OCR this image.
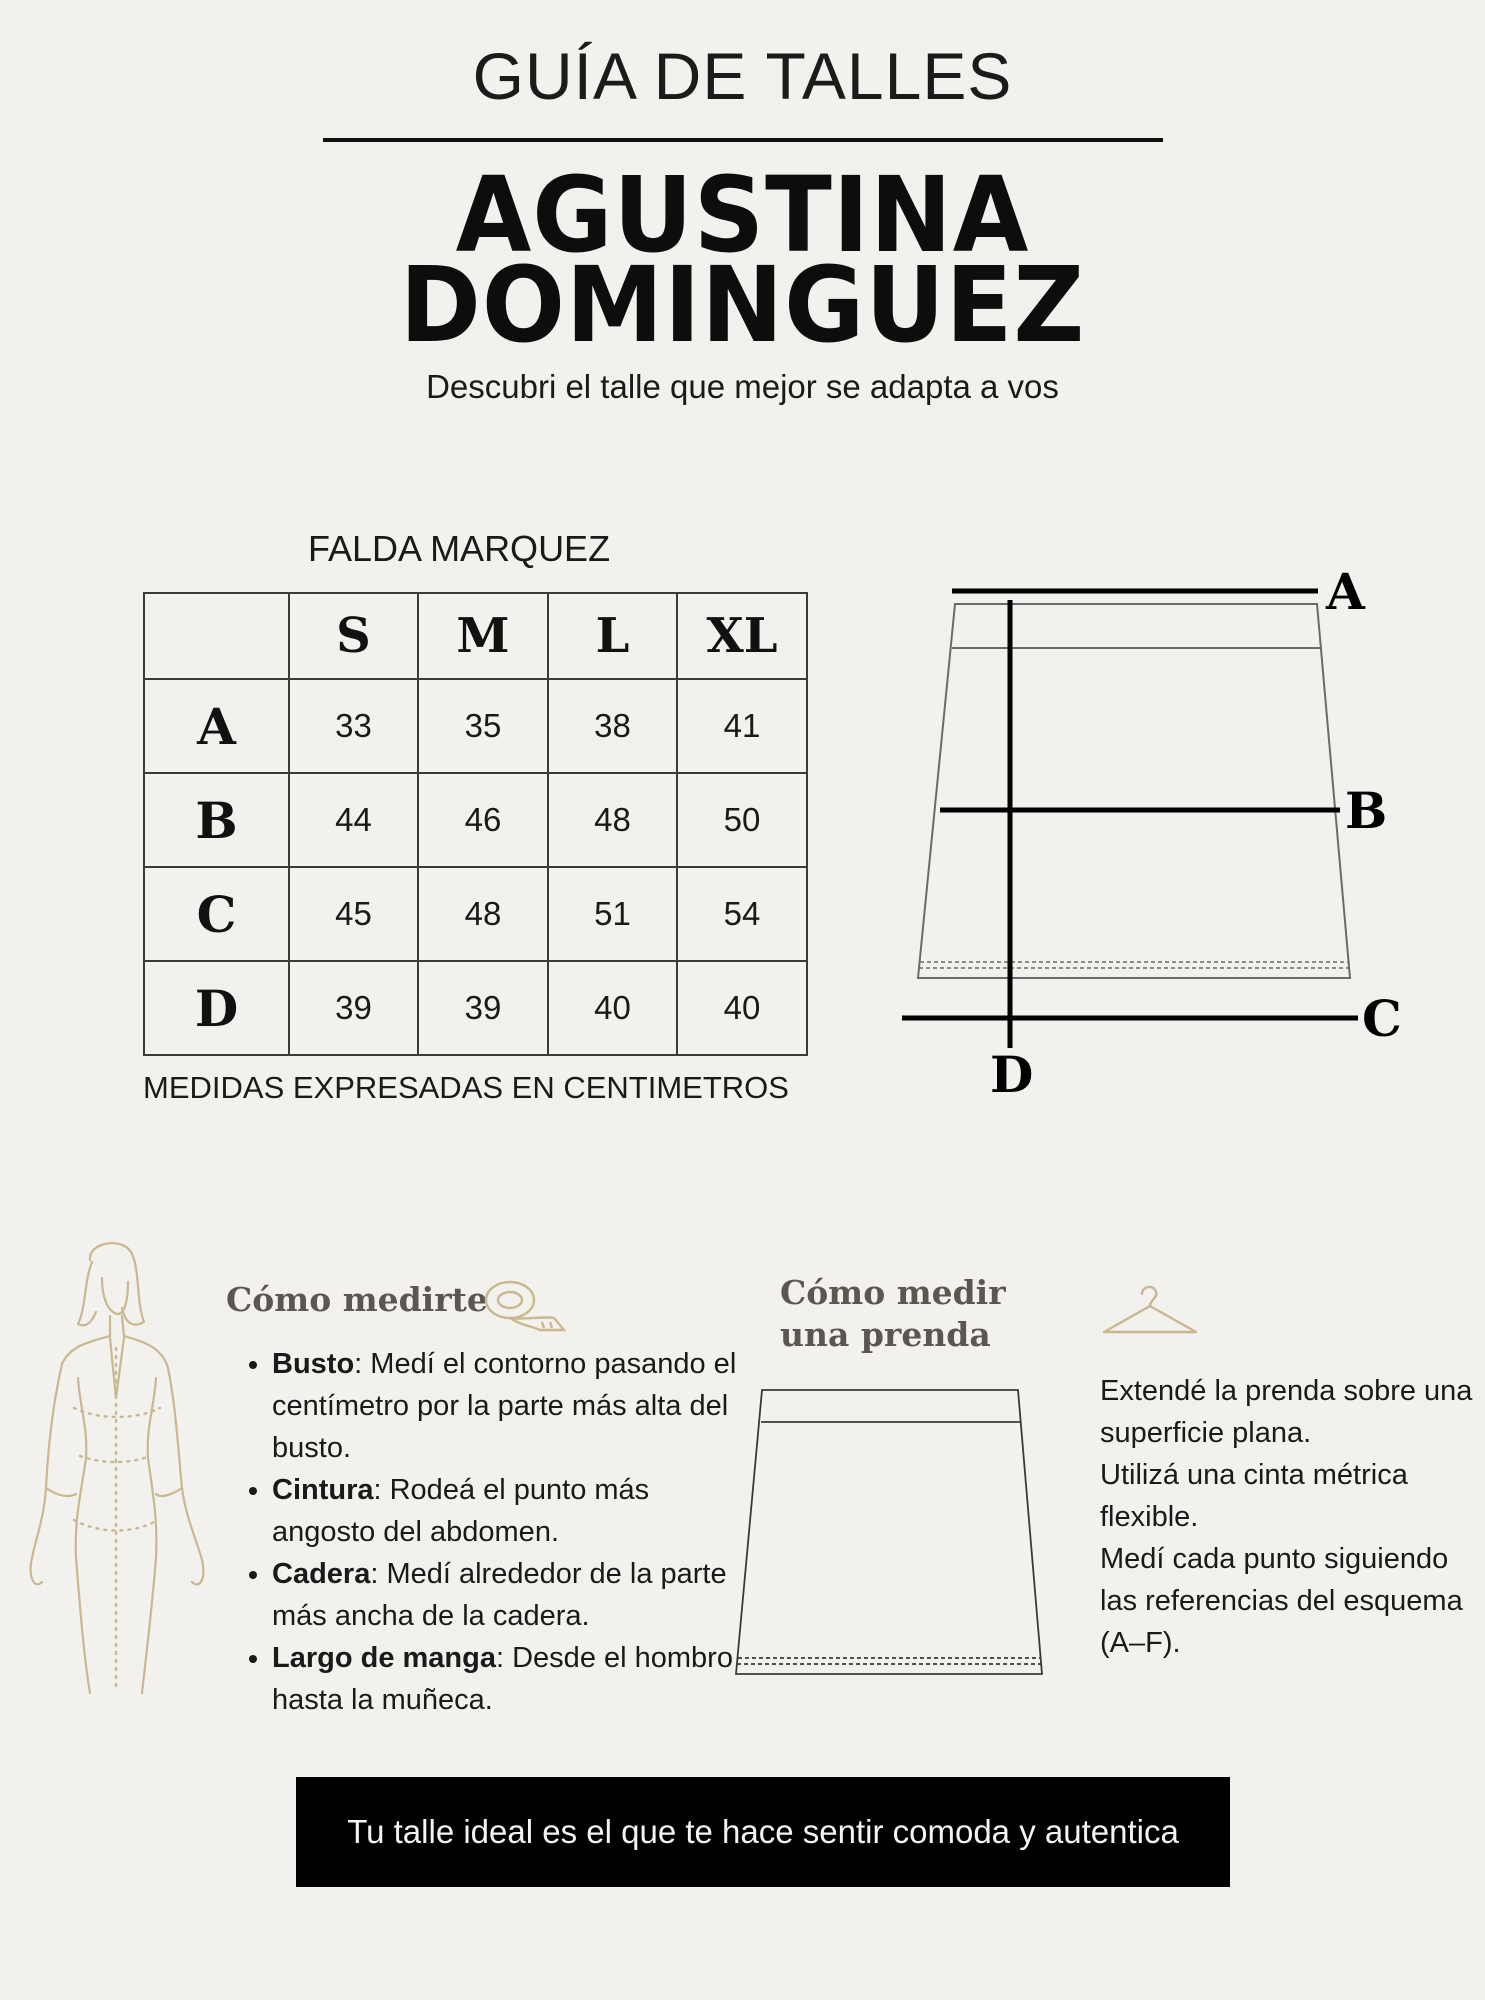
GUÍA DE TALLES
AGUSTINA
DOMINGUEZ
Descubri el talle que mejor se adapta a vos
FALDA MARQUEZ
	S	M	L	XL
A	33	35	38	41
B	44	46	48	50
C	45	48	51	54
D	39	39	40	40
MEDIDAS EXPRESADAS EN CENTIMETROS
A
B
C
D
Cómo medirte
• Busto: Medí el contorno pasando el centímetro por la parte más alta del busto.
• Cintura: Rodeá el punto más angosto del abdomen.
• Cadera: Medí alrededor de la parte más ancha de la cadera.
• Largo de manga: Desde el hombro hasta la muñeca.
Cómo medir una prenda
Extendé la prenda sobre una superficie plana.
Utilizá una cinta métrica flexible.
Medí cada punto siguiendo las referencias del esquema (A–F).
Tu talle ideal es el que te hace sentir comoda y autentica
